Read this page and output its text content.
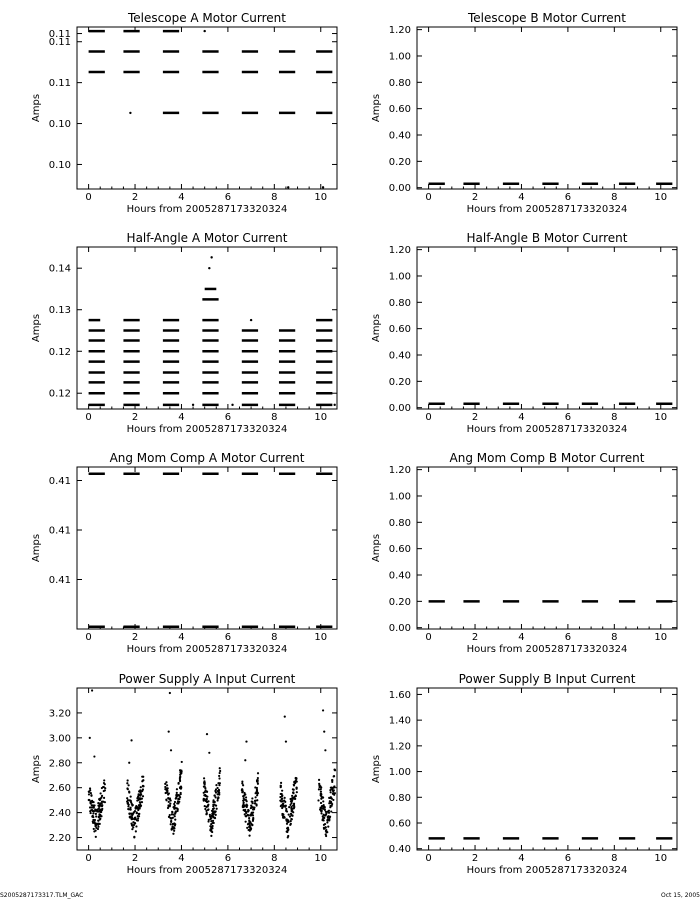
Telescope A Motor Current
0	2	4	6	8	10
0.10
0.10
0.11
0.11
0.11
Hours from 2005287173320324
Amps
Telescope B Motor Current
0	2	4	6	8	10
0.00
0.20
0.40
0.60
0.80
1.00
1.20
Hours from 2005287173320324
Amps
Half-Angle A Motor Current
0	2	4	6	8	10
0.12
0.12
0.13
0.14
Hours from 2005287173320324
Amps
Half-Angle B Motor Current
0	2	4	6	8	10
0.00
0.20
0.40
0.60
0.80
1.00
1.20
Hours from 2005287173320324
Amps
Ang Mom Comp A Motor Current
0	2	4	6	8	10
0.41
0.41
0.41
Hours from 2005287173320324
Amps
Ang Mom Comp B Motor Current
0	2	4	6	8	10
0.00
0.20
0.40
0.60
0.80
1.00
1.20
Hours from 2005287173320324
Amps
Power Supply A Input Current
0	2	4	6	8	10
2.20
2.40
2.60
2.80
3.00
3.20
Hours from 2005287173320324
Amps
Power Supply B Input Current
0	2	4	6	8	10
0.40
0.60
0.80
1.00
1.20
1.40
1.60
Hours from 2005287173320324
Amps
S2005287173317.TLM_GAC	Oct 15, 2005
